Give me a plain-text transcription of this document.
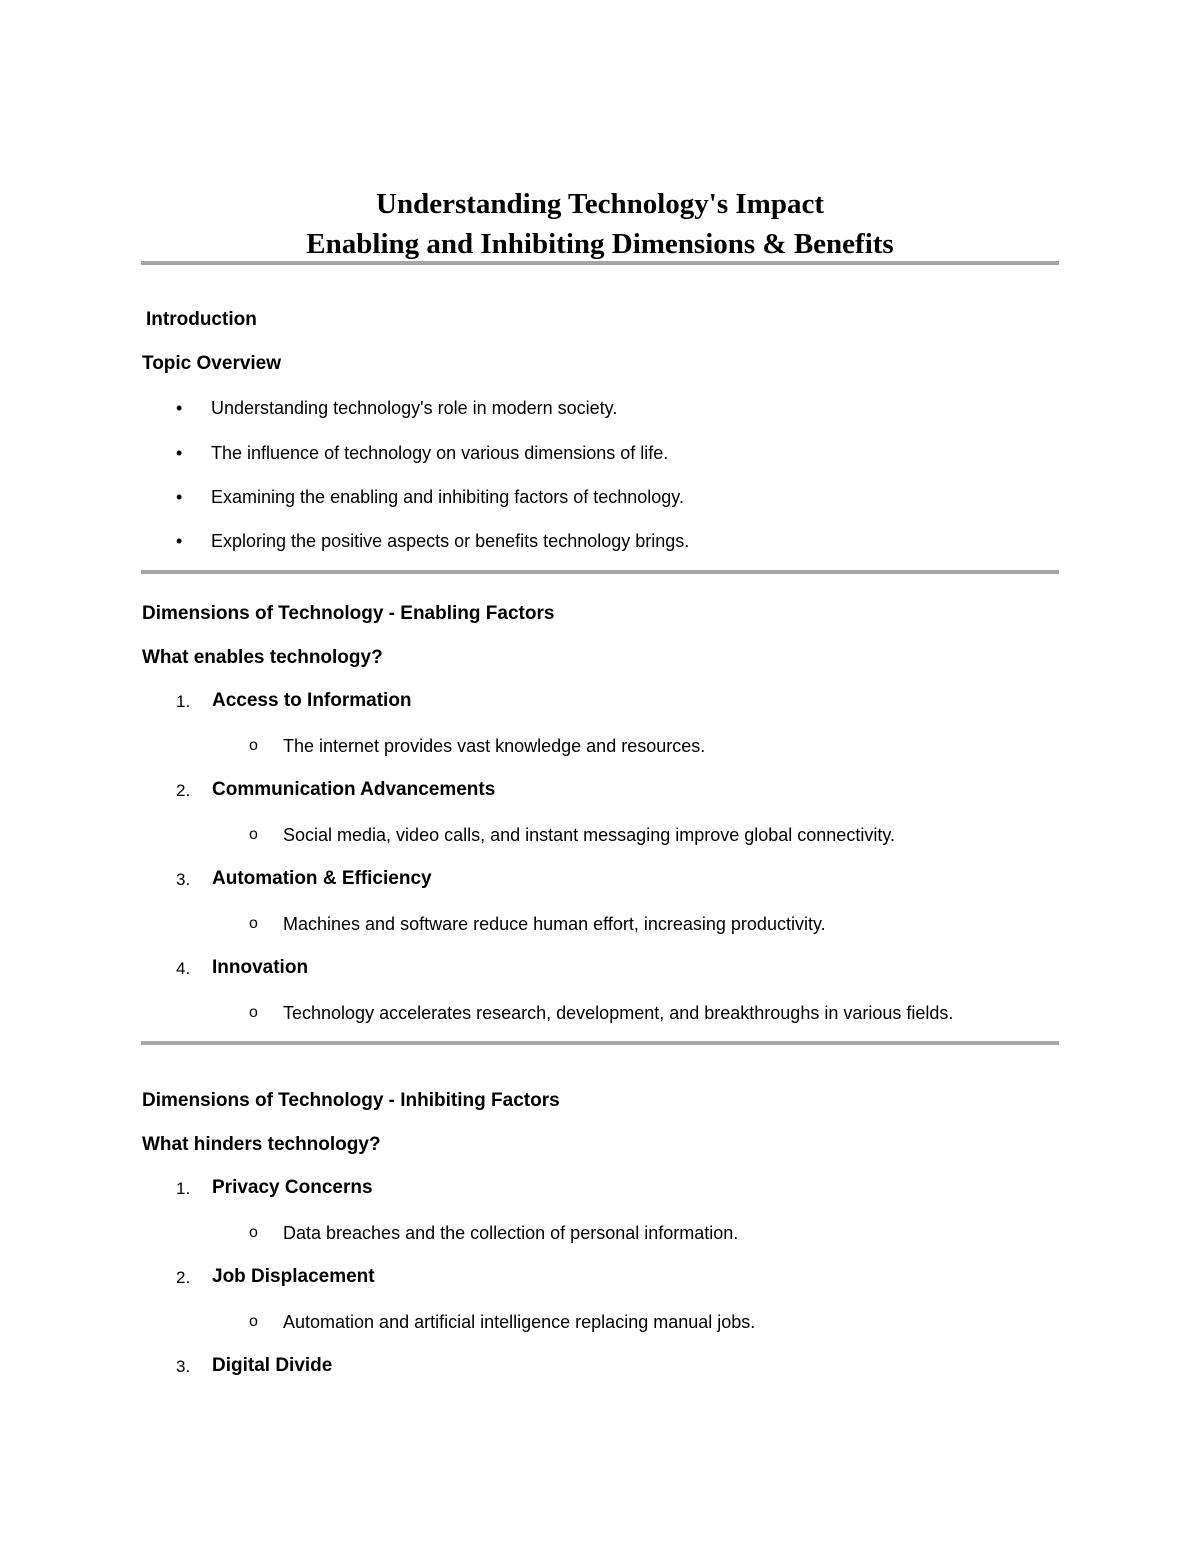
Understanding Technology's Impact
Enabling and Inhibiting Dimensions & Benefits
Introduction
Topic Overview
• Understanding technology's role in modern society.
• The influence of technology on various dimensions of life.
• Examining the enabling and inhibiting factors of technology.
• Exploring the positive aspects or benefits technology brings.
Dimensions of Technology - Enabling Factors
What enables technology?
1.	Access to Information
o The internet provides vast knowledge and resources.
2.	Communication Advancements
o Social media, video calls, and instant messaging improve global connectivity.
3.	Automation & Efficiency
o Machines and software reduce human effort, increasing productivity.
4.	Innovation
o Technology accelerates research, development, and breakthroughs in various fields.
Dimensions of Technology - Inhibiting Factors
What hinders technology?
1.	Privacy Concerns
o Data breaches and the collection of personal information.
2.	Job Displacement
o Automation and artificial intelligence replacing manual jobs.
3.	Digital Divide
